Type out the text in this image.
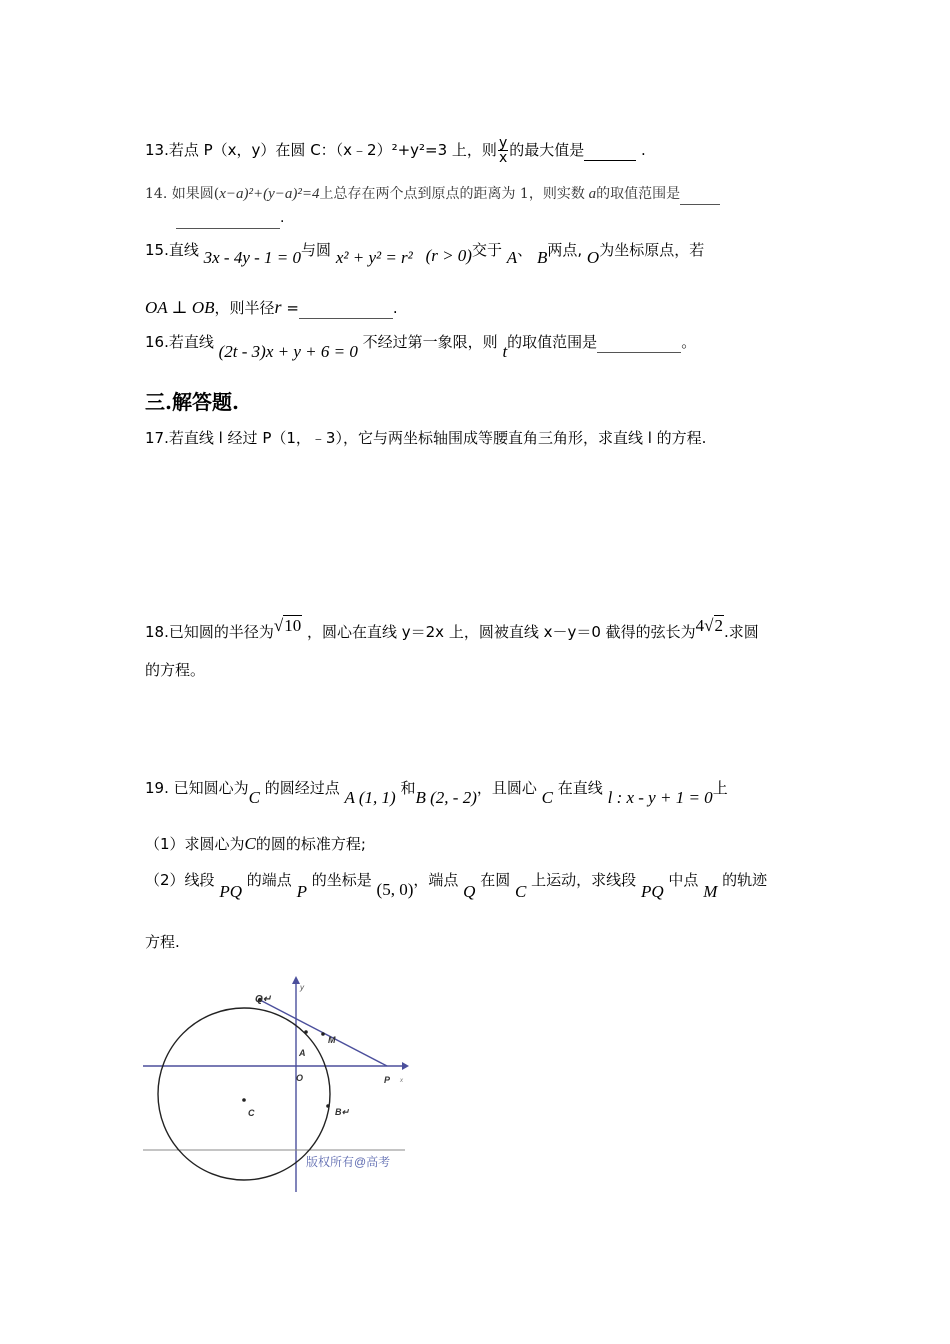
13.若点 P（x，y）在圆 C：（x﹣2）²+y²=3 上，则 $\frac{y}{x}$ 的最大值是	.
14. 如果圆(x−a)²+(y−a)²=4上总存在两个点到原点的距离为 1，则实数 a的取值范围是
.
15.直线 3x - 4y - 1 = 0与圆 x² + y² = r² (r > 0)交于 A、 B两点, O为坐标原点，若
OA ⊥ OB，则半径r =	.
16.若直线 (2t - 3)x + y + 6 = 0 不经过第一象限，则 t的取值范围是	。
三.解答题.
17.若直线 l 经过 P（1，﹣3），它与两坐标轴围成等腰直角三角形，求直线 l 的方程.
18.已知圆的半径为√10 ，圆心在直线 y＝2x 上，圆被直线 x－y＝0 截得的弦长为4√2.求圆
的方程。
19. 已知圆心为C 的圆经过点 A (1, 1) 和B (2, - 2)，且圆心 C 在直线 l : x - y + 1 = 0上
（1）求圆心为C的圆的标准方程;
（2）线段 PQ 的端点 P 的坐标是 (5, 0)，端点 Q 在圆 C 上运动，求线段 PQ 中点 M 的轨迹
方程.
Q↵
y
M
A
O	P x
C	B↵
版权所有@高考
